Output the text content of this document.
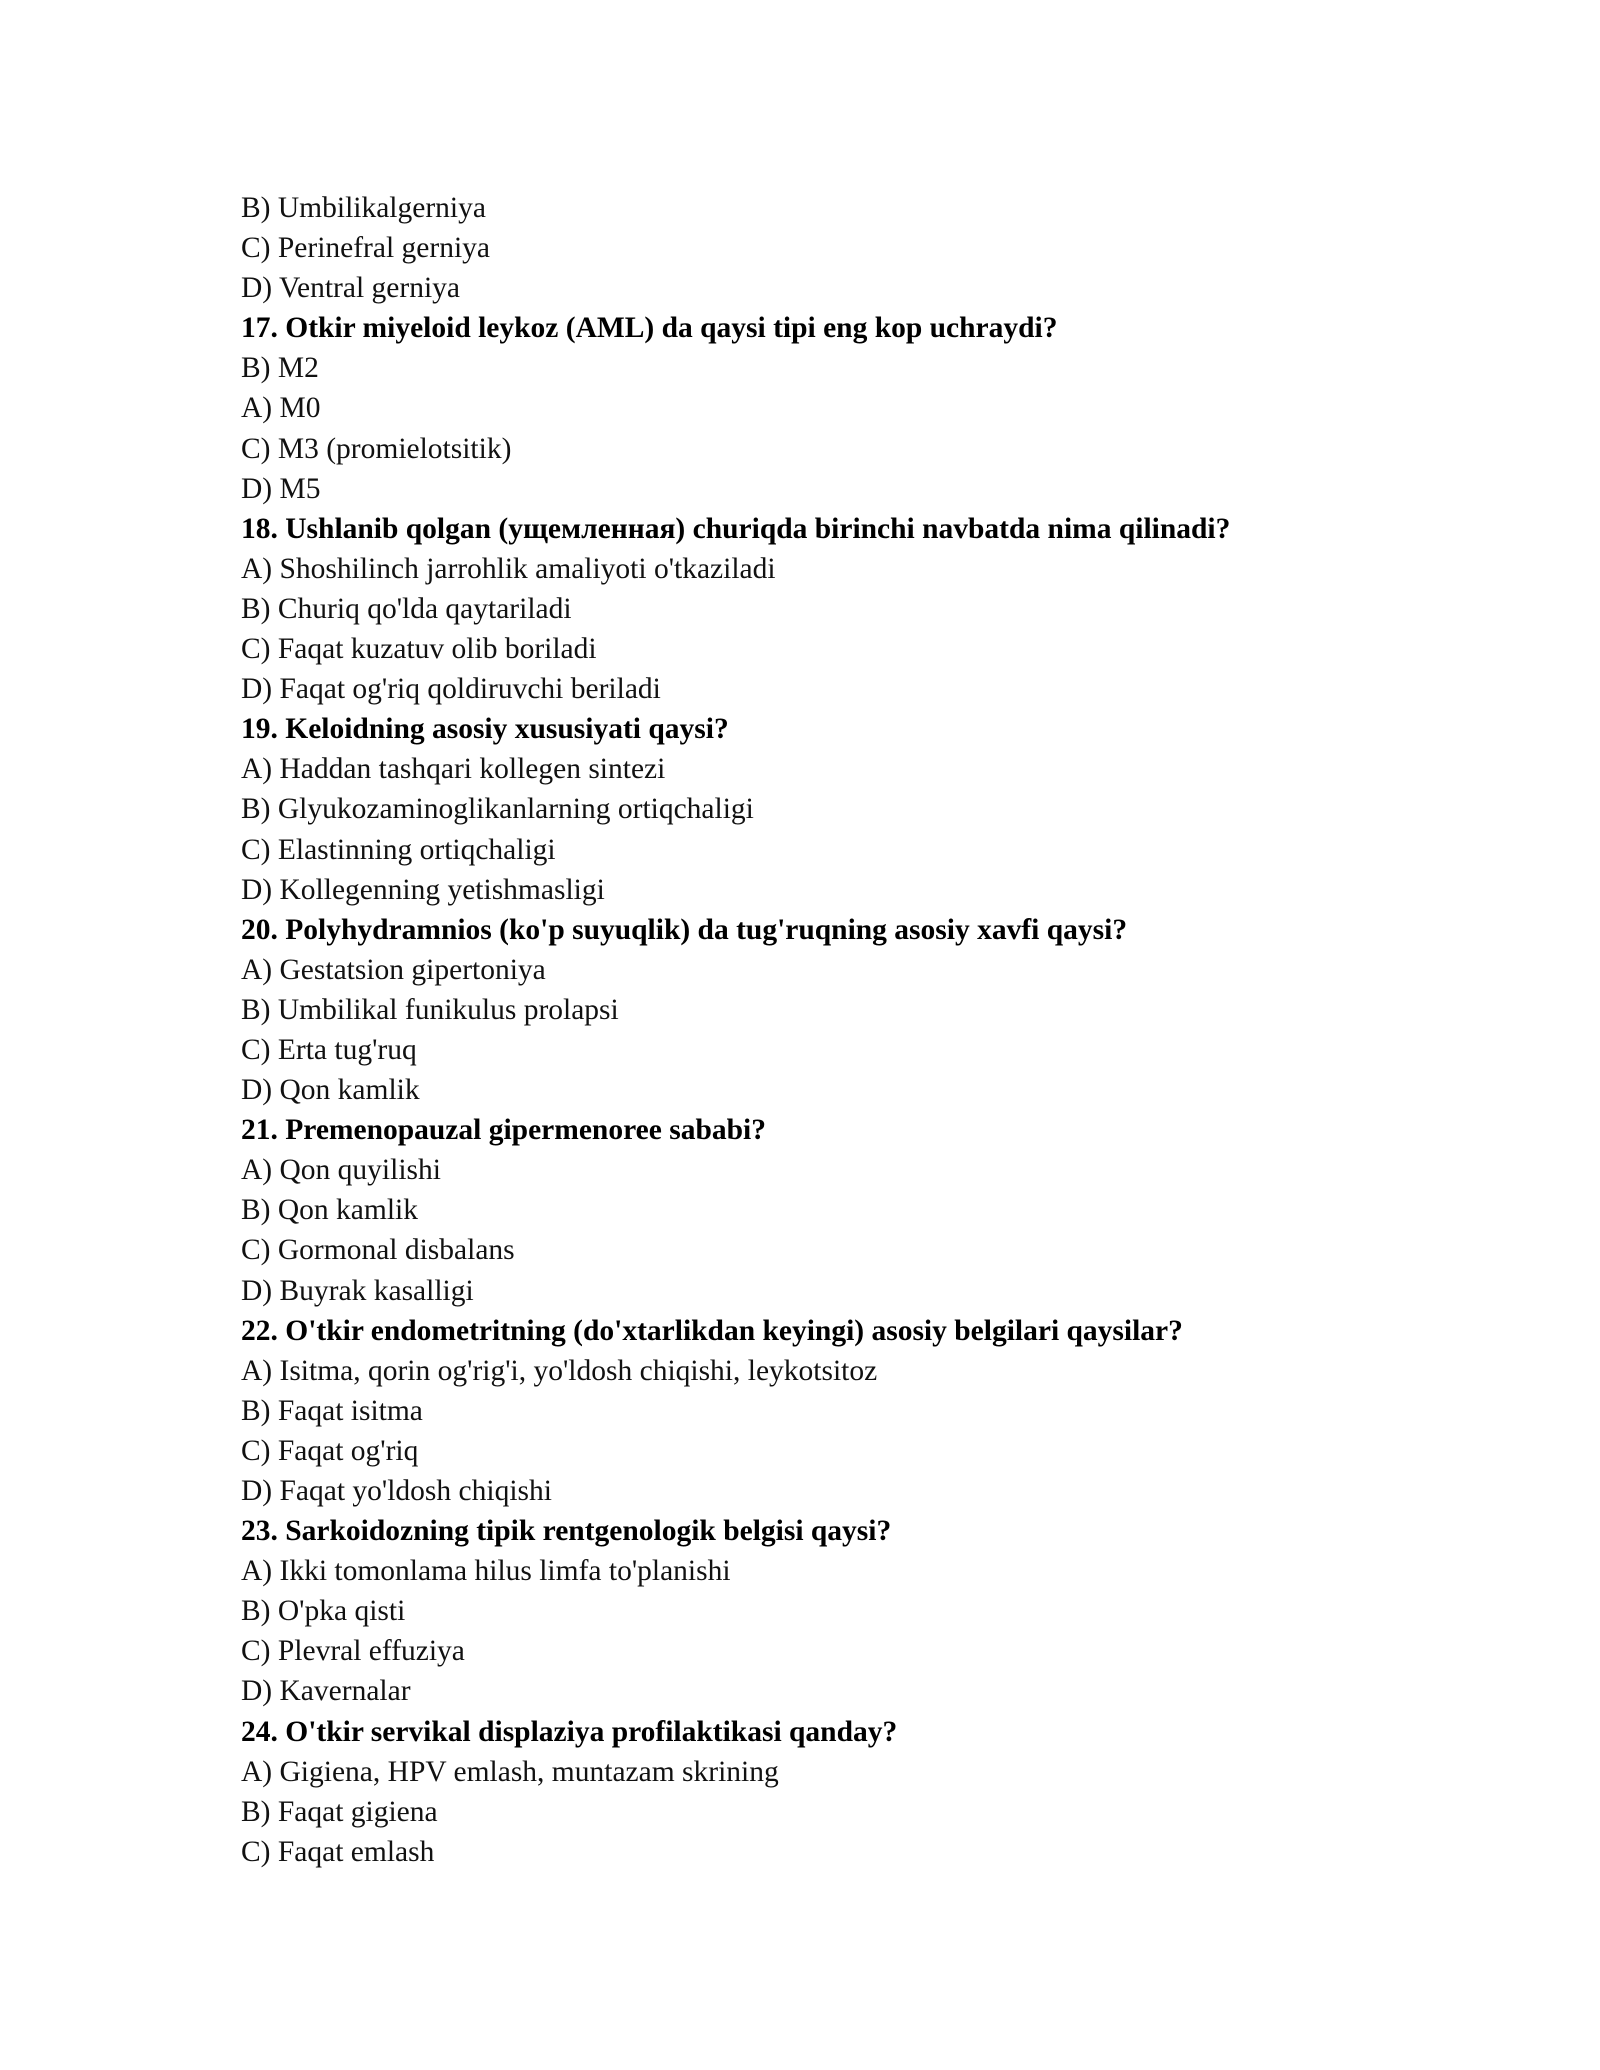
B) Umbilikalgerniya
C) Perinefral gerniya
D) Ventral gerniya
17. Otkir miyeloid leykoz (AML) da qaysi tipi eng kop uchraydi?
B) M2
A) M0
C) M3 (promielotsitik)
D) M5
18. Ushlanib qolgan (ущемленная) churiqda birinchi navbatda nima qilinadi?
A) Shoshilinch jarrohlik amaliyoti o'tkaziladi
B) Churiq qo'lda qaytariladi
C) Faqat kuzatuv olib boriladi
D) Faqat og'riq qoldiruvchi beriladi
19. Keloidning asosiy xususiyati qaysi?
A) Haddan tashqari kollegen sintezi
B) Glyukozaminoglikanlarning ortiqchaligi
C) Elastinning ortiqchaligi
D) Kollegenning yetishmasligi
20. Polyhydramnios (ko'p suyuqlik) da tug'ruqning asosiy xavfi qaysi?
A) Gestatsion gipertoniya
B) Umbilikal funikulus prolapsi
C) Erta tug'ruq
D) Qon kamlik
21. Premenopauzal gipermenoree sababi?
A) Qon quyilishi
B) Qon kamlik
C) Gormonal disbalans
D) Buyrak kasalligi
22. O'tkir endometritning (do'xtarlikdan keyingi) asosiy belgilari qaysilar?
A) Isitma, qorin og'rig'i, yo'ldosh chiqishi, leykotsitoz
B) Faqat isitma
C) Faqat og'riq
D) Faqat yo'ldosh chiqishi
23. Sarkoidozning tipik rentgenologik belgisi qaysi?
A) Ikki tomonlama hilus limfa to'planishi
B) O'pka qisti
C) Plevral effuziya
D) Kavernalar
24. O'tkir servikal displaziya profilaktikasi qanday?
A) Gigiena, HPV emlash, muntazam skrining
B) Faqat gigiena
C) Faqat emlash
